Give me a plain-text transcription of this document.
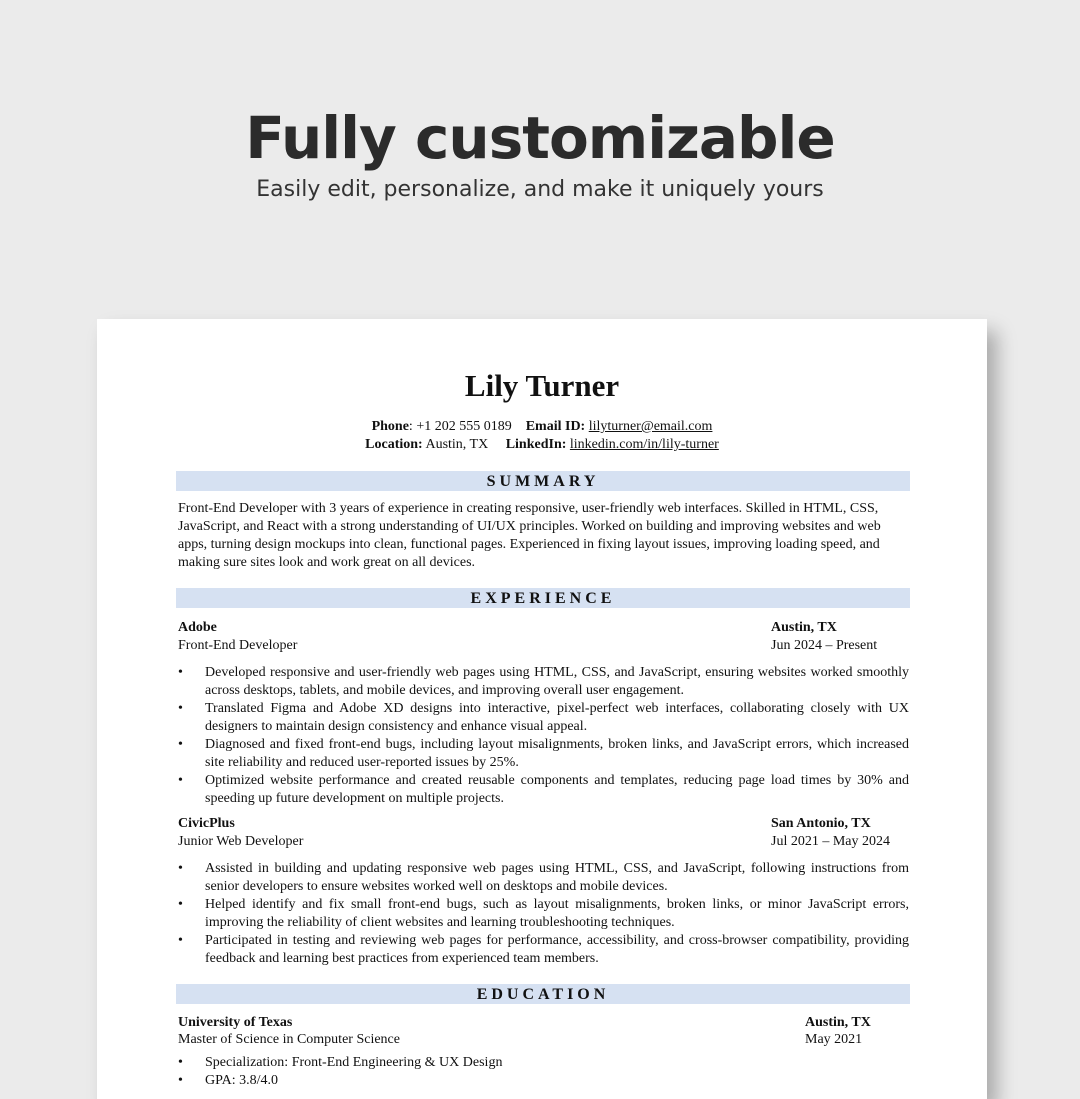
Fully customizable
Easily edit, personalize, and make it uniquely yours
Lily Turner
Phone: +1 202 555 0189 Email ID: lilyturner@email.com
Location: Austin, TX LinkedIn: linkedin.com/in/lily-turner
SUMMARY
Front-End Developer with 3 years of experience in creating responsive, user-friendly web interfaces. Skilled in HTML, CSS, JavaScript, and React with a strong understanding of UI/UX principles. Worked on building and improving websites and web apps, turning design mockups into clean, functional pages. Experienced in fixing layout issues, improving loading speed, and making sure sites look and work great on all devices.
EXPERIENCE
Adobe	Austin, TX
Front-End Developer	Jun 2024 – Present
• Developed responsive and user-friendly web pages using HTML, CSS, and JavaScript, ensuring websites worked smoothly across desktops, tablets, and mobile devices, and improving overall user engagement.
• Translated Figma and Adobe XD designs into interactive, pixel-perfect web interfaces, collaborating closely with UX designers to maintain design consistency and enhance visual appeal.
• Diagnosed and fixed front-end bugs, including layout misalignments, broken links, and JavaScript errors, which increased site reliability and reduced user-reported issues by 25%.
• Optimized website performance and created reusable components and templates, reducing page load times by 30% and speeding up future development on multiple projects.
CivicPlus	San Antonio, TX
Junior Web Developer	Jul 2021 – May 2024
• Assisted in building and updating responsive web pages using HTML, CSS, and JavaScript, following instructions from senior developers to ensure websites worked well on desktops and mobile devices.
• Helped identify and fix small front-end bugs, such as layout misalignments, broken links, or minor JavaScript errors, improving the reliability of client websites and learning troubleshooting techniques.
• Participated in testing and reviewing web pages for performance, accessibility, and cross-browser compatibility, providing feedback and learning best practices from experienced team members.
EDUCATION
University of Texas	Austin, TX
Master of Science in Computer Science	May 2021
• Specialization: Front-End Engineering & UX Design
• GPA: 3.8/4.0
